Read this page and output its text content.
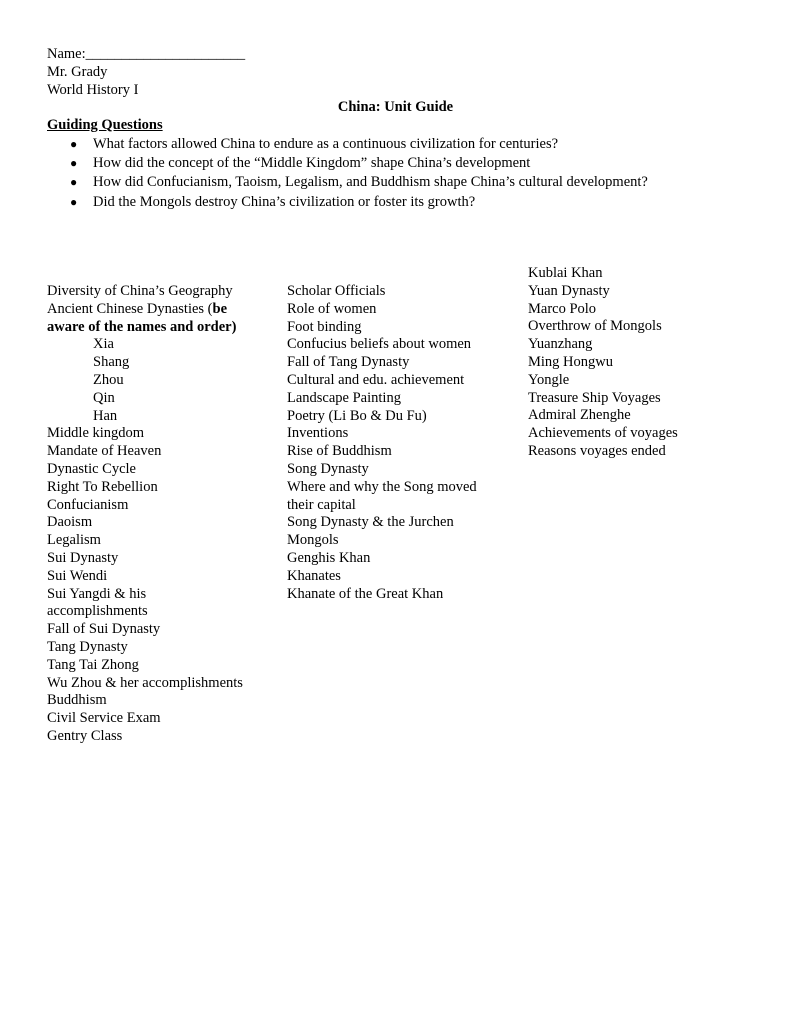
Name:______________________
Mr. Grady
World History I
China: Unit Guide
Guiding Questions
● What factors allowed China to endure as a continuous civilization for centuries?
● How did the concept of the “Middle Kingdom” shape China’s development
● How did Confucianism, Taoism, Legalism, and Buddhism shape China’s cultural development?
● Did the Mongols destroy China’s civilization or foster its growth?
Diversity of China’s Geography
Ancient Chinese Dynasties (be
aware of the names and order)
Xia
Shang
Zhou
Qin
Han
Middle kingdom
Mandate of Heaven
Dynastic Cycle
Right To Rebellion
Confucianism
Daoism
Legalism
Sui Dynasty
Sui Wendi
Sui Yangdi & his
accomplishments
Fall of Sui Dynasty
Tang Dynasty
Tang Tai Zhong
Wu Zhou & her accomplishments
Buddhism
Civil Service Exam
Gentry Class
Scholar Officials
Role of women
Foot binding
Confucius beliefs about women
Fall of Tang Dynasty
Cultural and edu. achievement
Landscape Painting
Poetry (Li Bo & Du Fu)
Inventions
Rise of Buddhism
Song Dynasty
Where and why the Song moved
their capital
Song Dynasty & the Jurchen
Mongols
Genghis Khan
Khanates
Khanate of the Great Khan
Kublai Khan
Yuan Dynasty
Marco Polo
Overthrow of Mongols
Yuanzhang
Ming Hongwu
Yongle
Treasure Ship Voyages
Admiral Zhenghe
Achievements of voyages
Reasons voyages ended
